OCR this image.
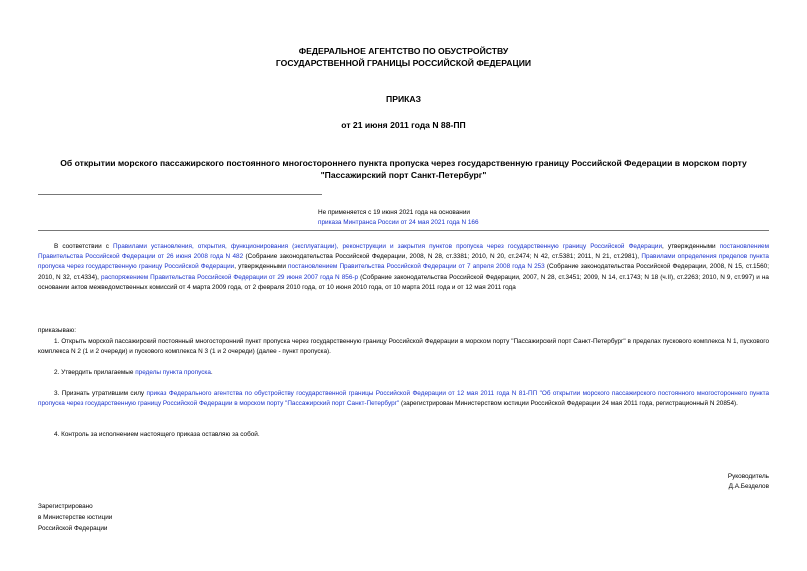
ФЕДЕРАЛЬНОЕ АГЕНТСТВО ПО ОБУСТРОЙСТВУ
ГОСУДАРСТВЕННОЙ ГРАНИЦЫ РОССИЙСКОЙ ФЕДЕРАЦИИ
ПРИКАЗ
от 21 июня 2011 года N 88-ПП
Об открытии морского пассажирского постоянного многостороннего пункта пропуска через государственную границу Российской Федерации в морском порту "Пассажирский порт Санкт-Петербург"
Не применяется с 19 июня 2021 года на основании
приказа Минтранса России от 24 мая 2021 года N 166
В соответствии с Правилами установления, открытия, функционирования (эксплуатации), реконструкции и закрытия пунктов пропуска через государственную границу Российской Федерации, утвержденными постановлением Правительства Российской Федерации от 26 июня 2008 года N 482 (Собрание законодательства Российской Федерации, 2008, N 28, ст.3381; 2010, N 20, ст.2474; N 42, ст.5381; 2011, N 21, ст.2981), Правилами определения пределов пункта пропуска через государственную границу Российской Федерации, утвержденными постановлением Правительства Российской Федерации от 7 апреля 2008 года N 253 (Собрание законодательства Российской Федерации, 2008, N 15, ст.1560; 2010, N 32, ст.4334), распоряжением Правительства Российской Федерации от 29 июня 2007 года N 856-р (Собрание законодательства Российской Федерации, 2007, N 28, ст.3451; 2009, N 14, ст.1743; N 18 (ч.II), ст.2263; 2010, N 9, ст.997) и на основании актов межведомственных комиссий от 4 марта 2009 года, от 2 февраля 2010 года, от 10 июня 2010 года, от 10 марта 2011 года и от 12 мая 2011 года
приказываю:
1. Открыть морской пассажирский постоянный многосторонний пункт пропуска через государственную границу Российской Федерации в морском порту "Пассажирский порт Санкт-Петербург" в пределах пускового комплекса N 1, пускового комплекса N 2 (1 и 2 очереди) и пускового комплекса N 3 (1 и 2 очереди) (далее - пункт пропуска).
2. Утвердить прилагаемые пределы пункта пропуска.
3. Признать утратившим силу приказ Федерального агентства по обустройству государственной границы Российской Федерации от 12 мая 2011 года N 81-ПП "Об открытии морского пассажирского постоянного многостороннего пункта пропуска через государственную границу Российской Федерации в морском порту "Пассажирский порт Санкт-Петербург" (зарегистрирован Министерством юстиции Российской Федерации 24 мая 2011 года, регистрационный N 20854).
4. Контроль за исполнением настоящего приказа оставляю за собой.
Руководитель
Д.А.Безделов
Зарегистрировано
в Министерстве юстиции
Российской Федерации
